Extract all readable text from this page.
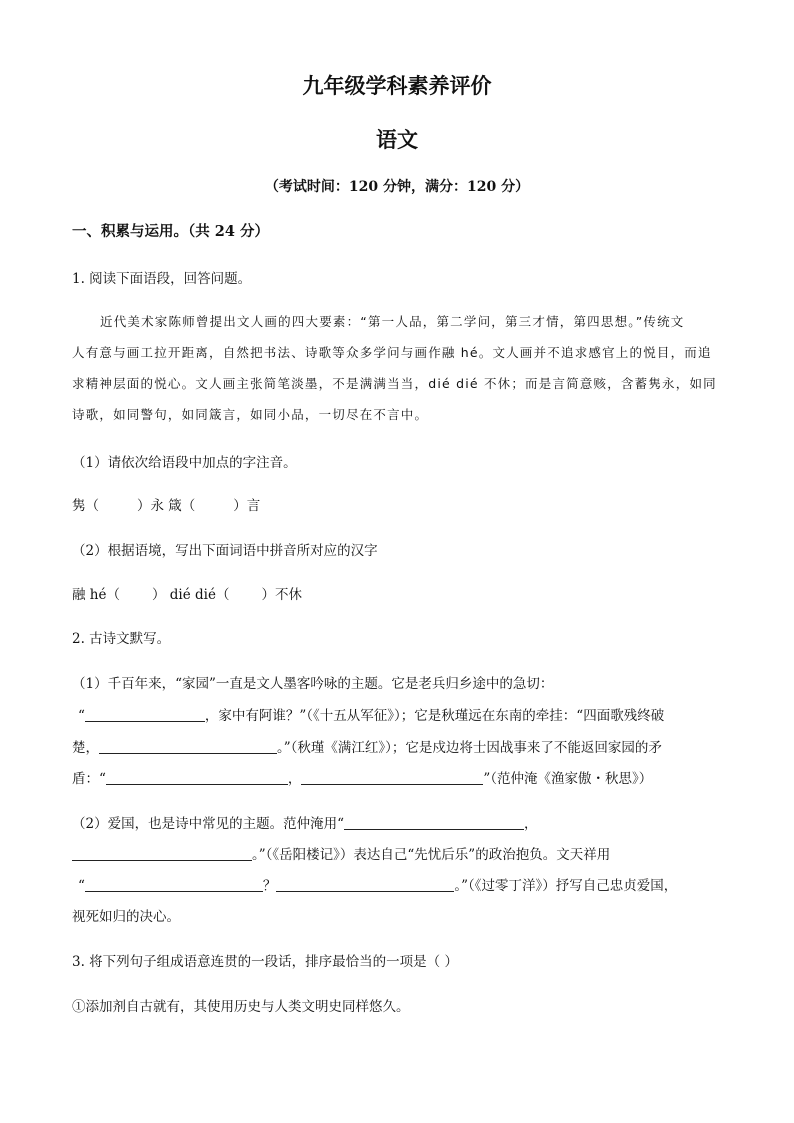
九年级学科素养评价
语文
（考试时间：120 分钟，满分：120 分）
一、积累与运用。（共 24 分）
1. 阅读下面语段，回答问题。
近代美术家陈师曾提出文人画的四大要素：“第一人品，第二学问，第三才情，第四思想。”传统文
人有意与画工拉开距离，自然把书法、诗歌等众多学问与画作融 hé。文人画并不追求感官上的悦目，而追
求精神层面的悦心。文人画主张简笔淡墨，不是满满当当，dié dié 不休；而是言简意赅，含蓄隽永，如同
诗歌，如同警句，如同箴言，如同小品，一切尽在不言中。
（1）请依次给语段中加点的字注音。
隽（	）永 箴（	）言
（2）根据语境，写出下面词语中拼音所对应的汉字
融 hé（ ） dié dié（ ）不休
2. 古诗文默写。
（1）千百年来，“家园”一直是文人墨客吟咏的主题。它是老兵归乡途中的急切：
“	，家中有阿谁？”（《十五从军征》）；它是秋瑾远在东南的牵挂：“四面歌残终破
楚，	。”（秋瑾《满江红》）；它是戍边将士因战事来了不能返回家园的矛
盾：“	，	”（范仲淹《渔家傲・秋思》）
（2）爱国，也是诗中常见的主题。范仲淹用“	，
。”（《岳阳楼记》）表达自己“先忧后乐”的政治抱负。文天祥用
“	？	。”（《过零丁洋》）抒写自己忠贞爱国，
视死如归的决心。
3. 将下列句子组成语意连贯的一段话，排序最恰当的一项是（ ）
①添加剂自古就有，其使用历史与人类文明史同样悠久。
